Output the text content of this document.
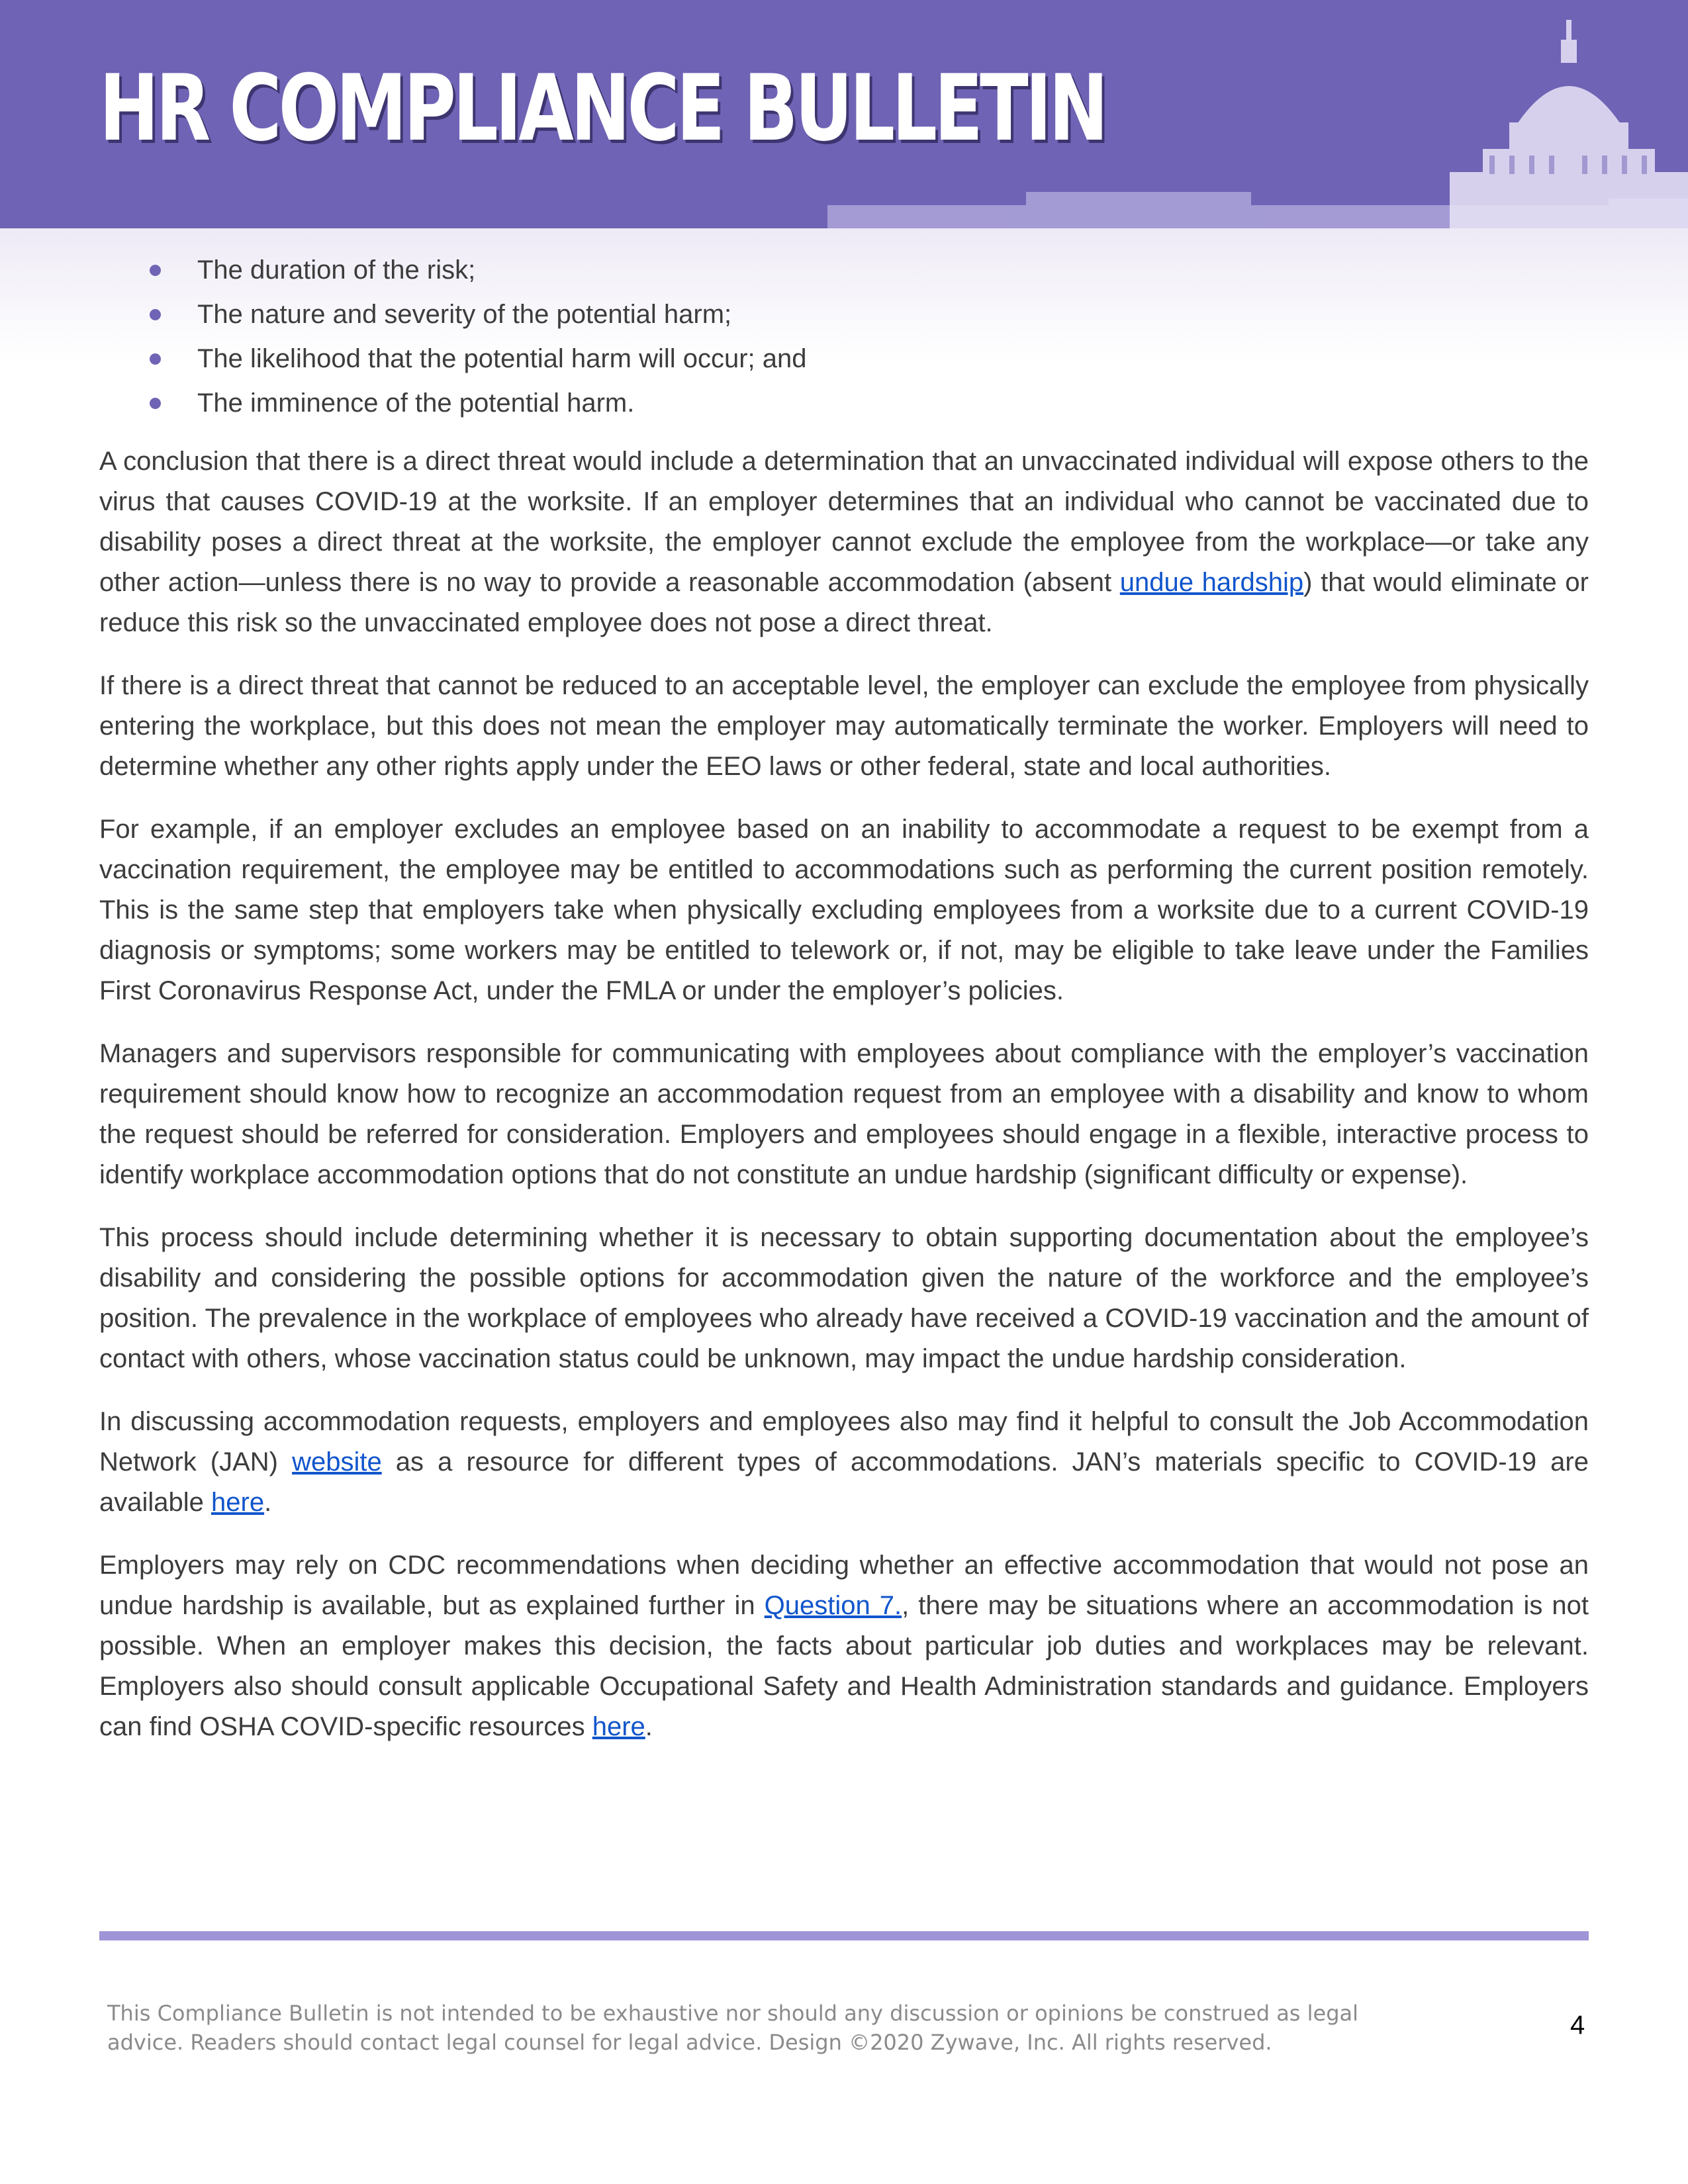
HR COMPLIANCE BULLETIN
The duration of the risk;
The nature and severity of the potential harm;
The likelihood that the potential harm will occur; and
The imminence of the potential harm.

A conclusion that there is a direct threat would include a determination that an unvaccinated individual will expose others to the virus that causes COVID-19 at the worksite. If an employer determines that an individual who cannot be vaccinated due to disability poses a direct threat at the worksite, the employer cannot exclude the employee from the workplace—or take any other action—unless there is no way to provide a reasonable accommodation (absent undue hardship) that would eliminate or reduce this risk so the unvaccinated employee does not pose a direct threat.

If there is a direct threat that cannot be reduced to an acceptable level, the employer can exclude the employee from physically entering the workplace, but this does not mean the employer may automatically terminate the worker. Employers will need to determine whether any other rights apply under the EEO laws or other federal, state and local authorities.

For example, if an employer excludes an employee based on an inability to accommodate a request to be exempt from a vaccination requirement, the employee may be entitled to accommodations such as performing the current position remotely. This is the same step that employers take when physically excluding employees from a worksite due to a current COVID-19 diagnosis or symptoms; some workers may be entitled to telework or, if not, may be eligible to take leave under the Families First Coronavirus Response Act, under the FMLA or under the employer’s policies.

Managers and supervisors responsible for communicating with employees about compliance with the employer’s vaccination requirement should know how to recognize an accommodation request from an employee with a disability and know to whom the request should be referred for consideration. Employers and employees should engage in a flexible, interactive process to identify workplace accommodation options that do not constitute an undue hardship (significant difficulty or expense).

This process should include determining whether it is necessary to obtain supporting documentation about the employee’s disability and considering the possible options for accommodation given the nature of the workforce and the employee’s position. The prevalence in the workplace of employees who already have received a COVID-19 vaccination and the amount of contact with others, whose vaccination status could be unknown, may impact the undue hardship consideration.

In discussing accommodation requests, employers and employees also may find it helpful to consult the Job Accommodation Network (JAN) website as a resource for different types of accommodations. JAN’s materials specific to COVID-19 are available here.

Employers may rely on CDC recommendations when deciding whether an effective accommodation that would not pose an undue hardship is available, but as explained further in Question 7., there may be situations where an accommodation is not possible. When an employer makes this decision, the facts about particular job duties and workplaces may be relevant. Employers also should consult applicable Occupational Safety and Health Administration standards and guidance. Employers can find OSHA COVID-specific resources here.

This Compliance Bulletin is not intended to be exhaustive nor should any discussion or opinions be construed as legal advice. Readers should contact legal counsel for legal advice. Design ©2020 Zywave, Inc. All rights reserved.
4
